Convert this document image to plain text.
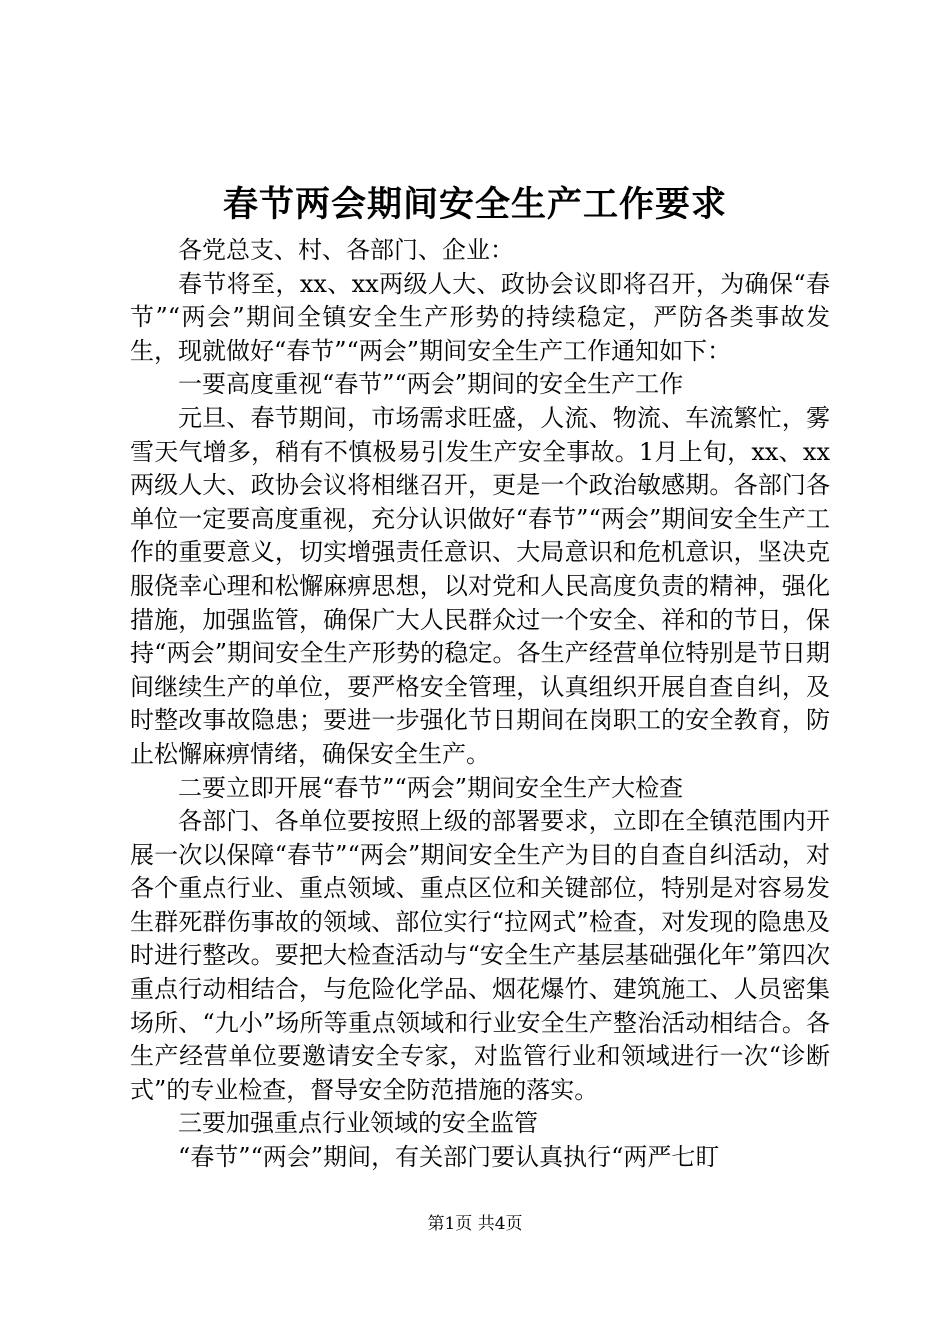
春节两会期间安全生产工作要求

各党总支、村、各部门、企业：

春节将至，xx、xx两级人大、政协会议即将召开，为确保“春节”“两会”期间全镇安全生产形势的持续稳定，严防各类事故发生，现就做好“春节”“两会”期间安全生产工作通知如下：

一要高度重视“春节”“两会”期间的安全生产工作

元旦、春节期间，市场需求旺盛，人流、物流、车流繁忙，雾雪天气增多，稍有不慎极易引发生产安全事故。1月上旬，xx、xx两级人大、政协会议将相继召开，更是一个政治敏感期。各部门各单位一定要高度重视，充分认识做好“春节”“两会”期间安全生产工作的重要意义，切实增强责任意识、大局意识和危机意识，坚决克服侥幸心理和松懈麻痹思想，以对党和人民高度负责的精神，强化措施，加强监管，确保广大人民群众过一个安全、祥和的节日，保持“两会”期间安全生产形势的稳定。各生产经营单位特别是节日期间继续生产的单位，要严格安全管理，认真组织开展自查自纠，及时整改事故隐患；要进一步强化节日期间在岗职工的安全教育，防止松懈麻痹情绪，确保安全生产。

二要立即开展“春节”“两会”期间安全生产大检查

各部门、各单位要按照上级的部署要求，立即在全镇范围内开展一次以保障“春节”“两会”期间安全生产为目的自查自纠活动，对各个重点行业、重点领域、重点区位和关键部位，特别是对容易发生群死群伤事故的领域、部位实行“拉网式”检查，对发现的隐患及时进行整改。要把大检查活动与“安全生产基层基础强化年”第四次重点行动相结合，与危险化学品、烟花爆竹、建筑施工、人员密集场所、“九小”场所等重点领域和行业安全生产整治活动相结合。各生产经营单位要邀请安全专家，对监管行业和领域进行一次“诊断式”的专业检查，督导安全防范措施的落实。

三要加强重点行业领域的安全监管

“春节”“两会”期间，有关部门要认真执行“两严七盯

第1页 共4页
